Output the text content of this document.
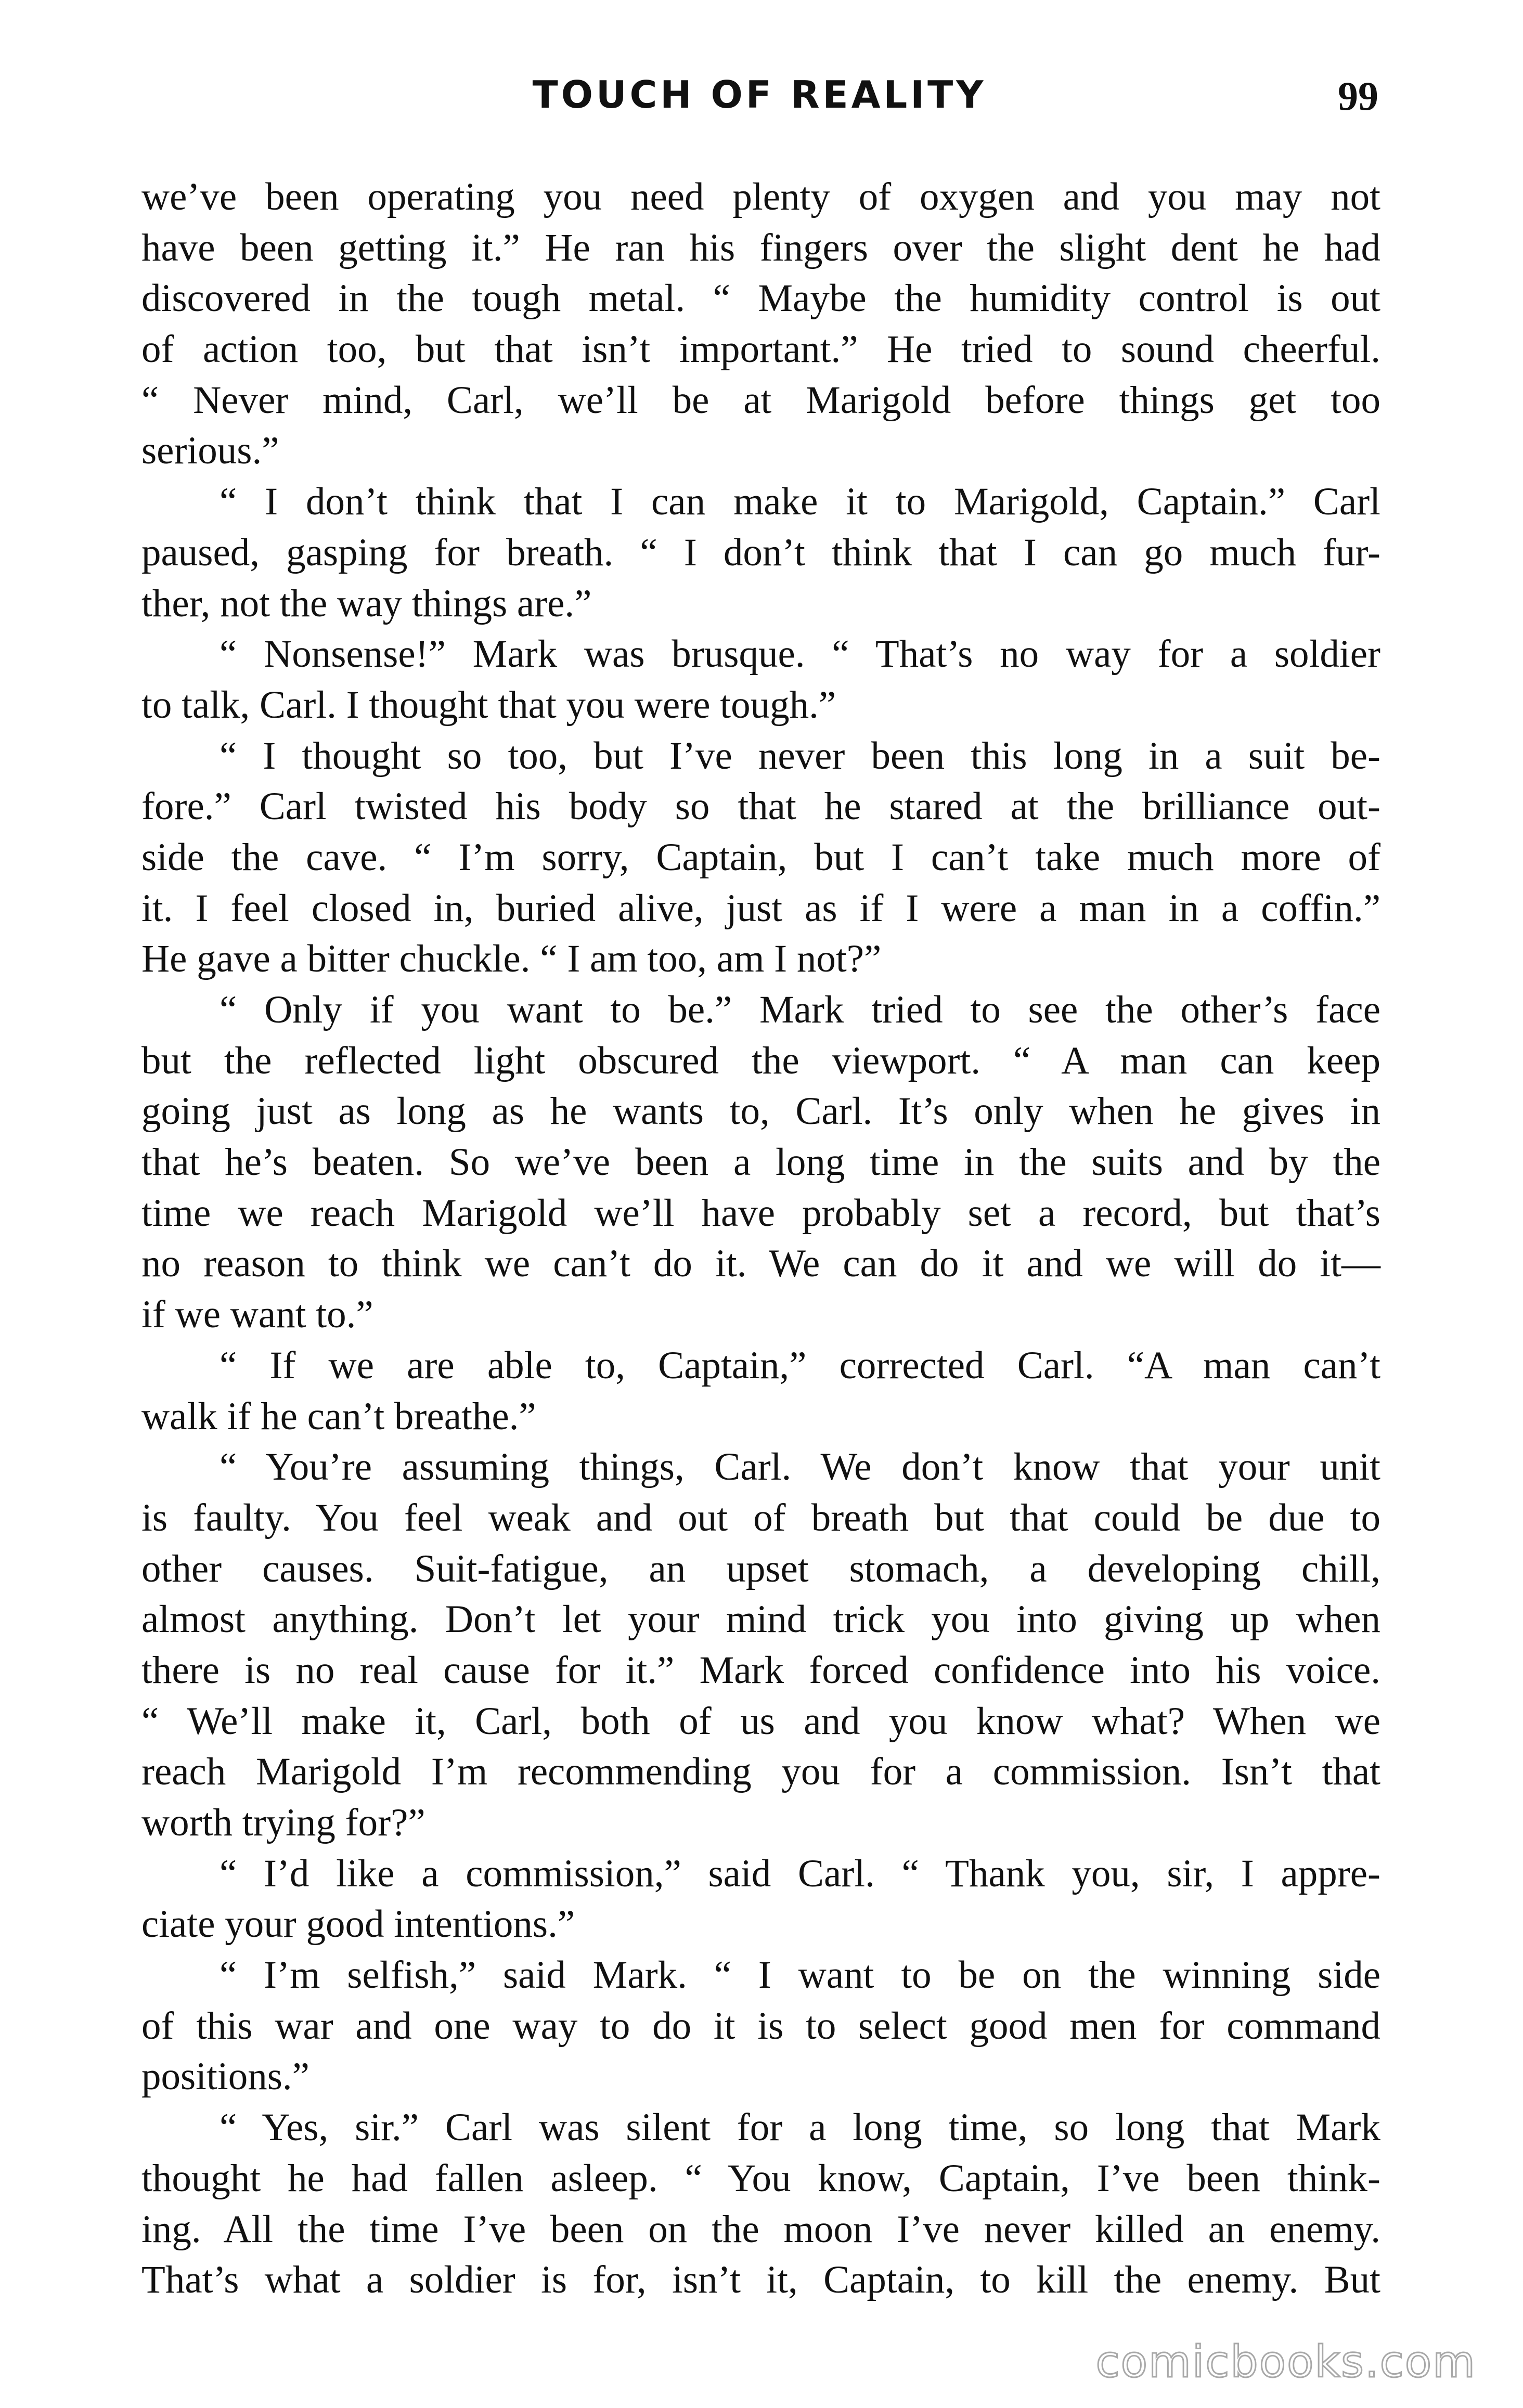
TOUCH OF REALITY	99
we’ve been operating you need plenty of oxygen and you may not
have been getting it.” He ran his fingers over the slight dent he had
discovered in the tough metal. “ Maybe the humidity control is out
of action too, but that isn’t important.” He tried to sound cheerful.
“ Never mind, Carl, we’ll be at Marigold before things get too
serious.”
“ I don’t think that I can make it to Marigold, Captain.” Carl
paused, gasping for breath. “ I don’t think that I can go much fur-
ther, not the way things are.”
“ Nonsense!” Mark was brusque. “ That’s no way for a soldier
to talk, Carl. I thought that you were tough.”
“ I thought so too, but I’ve never been this long in a suit be-
fore.” Carl twisted his body so that he stared at the brilliance out-
side the cave. “ I’m sorry, Captain, but I can’t take much more of
it. I feel closed in, buried alive, just as if I were a man in a coffin.”
He gave a bitter chuckle. “ I am too, am I not?”
“ Only if you want to be.” Mark tried to see the other’s face
but the reflected light obscured the viewport. “ A man can keep
going just as long as he wants to, Carl. It’s only when he gives in
that he’s beaten. So we’ve been a long time in the suits and by the
time we reach Marigold we’ll have probably set a record, but that’s
no reason to think we can’t do it. We can do it and we will do it—
if we want to.”
“ If we are able to, Captain,” corrected Carl. “A man can’t
walk if he can’t breathe.”
“ You’re assuming things, Carl. We don’t know that your unit
is faulty. You feel weak and out of breath but that could be due to
other causes. Suit-fatigue, an upset stomach, a developing chill,
almost anything. Don’t let your mind trick you into giving up when
there is no real cause for it.” Mark forced confidence into his voice.
“ We’ll make it, Carl, both of us and you know what? When we
reach Marigold I’m recommending you for a commission. Isn’t that
worth trying for?”
“ I’d like a commission,” said Carl. “ Thank you, sir, I appre-
ciate your good intentions.”
“ I’m selfish,” said Mark. “ I want to be on the winning side
of this war and one way to do it is to select good men for command
positions.”
“ Yes, sir.” Carl was silent for a long time, so long that Mark
thought he had fallen asleep. “ You know, Captain, I’ve been think-
ing. All the time I’ve been on the moon I’ve never killed an enemy.
That’s what a soldier is for, isn’t it, Captain, to kill the enemy. But
comicbooks.com
